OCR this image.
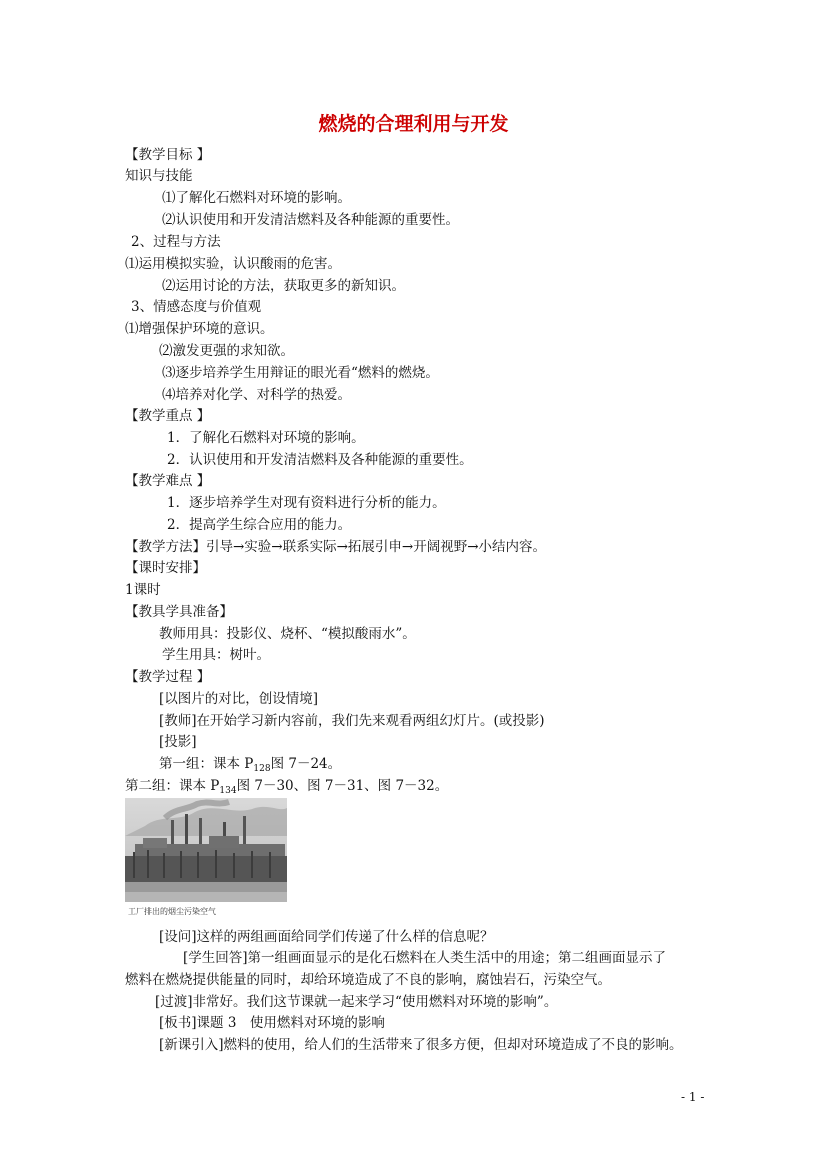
燃烧的合理利用与开发
【教学目标 】
知识与技能
⑴了解化石燃料对环境的影响。
⑵认识使用和开发清洁燃料及各种能源的重要性。
2、过程与方法
⑴运用模拟实验，认识酸雨的危害。
⑵运用讨论的方法，获取更多的新知识。
3、情感态度与价值观
⑴增强保护环境的意识。
⑵激发更强的求知欲。
⑶逐步培养学生用辩证的眼光看“燃料的燃烧。
⑷培养对化学、对科学的热爱。
【教学重点 】
1．了解化石燃料对环境的影响。
2．认识使用和开发清洁燃料及各种能源的重要性。
【教学难点 】
1．逐步培养学生对现有资料进行分析的能力。
2．提高学生综合应用的能力。
【教学方法】引导→实验→联系实际→拓展引申→开阔视野→小结内容。
【课时安排】
1课时
【教具学具准备】
教师用具：投影仪、烧杯、“模拟酸雨水”。
学生用具：树叶。
【教学过程 】
[以图片的对比，创设情境]
[教师]在开始学习新内容前，我们先来观看两组幻灯片。(或投影)
[投影]
第一组：课本 $P_{128}$图 7－24。
第二组：课本 $P_{134}$图 7－30、图 7－31、图 7－32。
工厂排出的烟尘污染空气
[设问]这样的两组画面给同学们传递了什么样的信息呢？
[学生回答]第一组画面显示的是化石燃料在人类生活中的用途；第二组画面显示了
燃料在燃烧提供能量的同时，却给环境造成了不良的影响，腐蚀岩石，污染空气。
[过渡]非常好。我们这节课就一起来学习“使用燃料对环境的影响”。
[板书]课题 3　使用燃料对环境的影响
[新课引入]燃料的使用，给人们的生活带来了很多方便，但却对环境造成了不良的影响。
- 1 -
